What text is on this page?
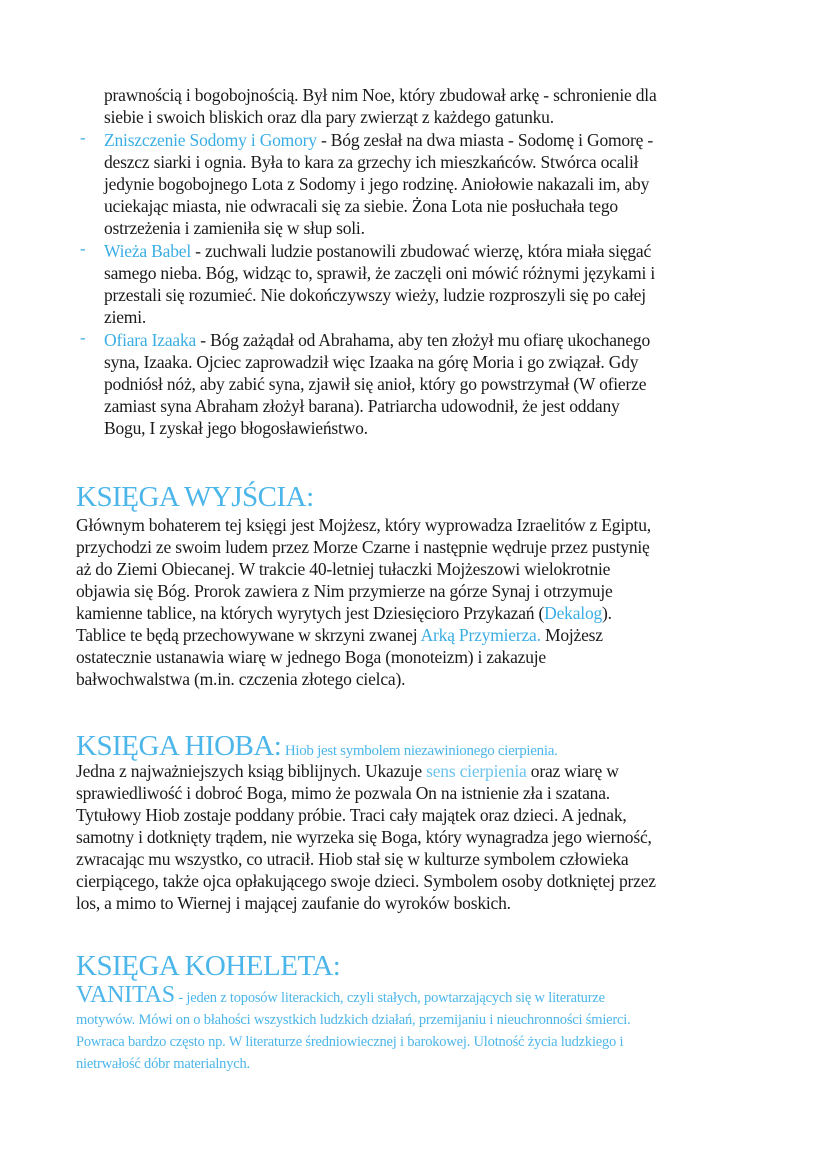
prawnością i bogobojnością. Był nim Noe, który zbudował arkę - schronienie dla
siebie i swoich bliskich oraz dla pary zwierząt z każdego gatunku.
- Zniszczenie Sodomy i Gomory - Bóg zesłał na dwa miasta - Sodomę i Gomorę -
deszcz siarki i ognia. Była to kara za grzechy ich mieszkańców. Stwórca ocalił
jedynie bogobojnego Lota z Sodomy i jego rodzinę. Aniołowie nakazali im, aby
uciekając miasta, nie odwracali się za siebie. Żona Lota nie posłuchała tego
ostrzeżenia i zamieniła się w słup soli.
- Wieża Babel - zuchwali ludzie postanowili zbudować wierzę, która miała sięgać
samego nieba. Bóg, widząc to, sprawił, że zaczęli oni mówić różnymi językami i
przestali się rozumieć. Nie dokończywszy wieży, ludzie rozproszyli się po całej
ziemi.
- Ofiara Izaaka - Bóg zażądał od Abrahama, aby ten złożył mu ofiarę ukochanego
syna, Izaaka. Ojciec zaprowadził więc Izaaka na górę Moria i go związał. Gdy
podniósł nóż, aby zabić syna, zjawił się anioł, który go powstrzymał (W ofierze
zamiast syna Abraham złożył barana). Patriarcha udowodnił, że jest oddany
Bogu, I zyskał jego błogosławieństwo.
KSIĘGA WYJŚCIA:
Głównym bohaterem tej księgi jest Mojżesz, który wyprowadza Izraelitów z Egiptu,
przychodzi ze swoim ludem przez Morze Czarne i następnie wędruje przez pustynię
aż do Ziemi Obiecanej. W trakcie 40-letniej tułaczki Mojżeszowi wielokrotnie
objawia się Bóg. Prorok zawiera z Nim przymierze na górze Synaj i otrzymuje
kamienne tablice, na których wyrytych jest Dziesięcioro Przykazań (Dekalog).
Tablice te będą przechowywane w skrzyni zwanej Arką Przymierza. Mojżesz
ostatecznie ustanawia wiarę w jednego Boga (monoteizm) i zakazuje
bałwochwalstwa (m.in. czczenia złotego cielca).
KSIĘGA HIOBA: Hiob jest symbolem niezawinionego cierpienia.
Jedna z najważniejszych ksiąg biblijnych. Ukazuje sens cierpienia oraz wiarę w
sprawiedliwość i dobroć Boga, mimo że pozwala On na istnienie zła i szatana.
Tytułowy Hiob zostaje poddany próbie. Traci cały majątek oraz dzieci. A jednak,
samotny i dotknięty trądem, nie wyrzeka się Boga, który wynagradza jego wierność,
zwracając mu wszystko, co utracił. Hiob stał się w kulturze symbolem człowieka
cierpiącego, także ojca opłakującego swoje dzieci. Symbolem osoby dotkniętej przez
los, a mimo to Wiernej i mającej zaufanie do wyroków boskich.
KSIĘGA KOHELETA:
VANITAS - jeden z toposów literackich, czyli stałych, powtarzających się w literaturze
motywów. Mówi on o błahości wszystkich ludzkich działań, przemijaniu i nieuchronności śmierci.
Powraca bardzo często np. W literaturze średniowiecznej i barokowej. Ulotność życia ludzkiego i
nietrwałość dóbr materialnych.
